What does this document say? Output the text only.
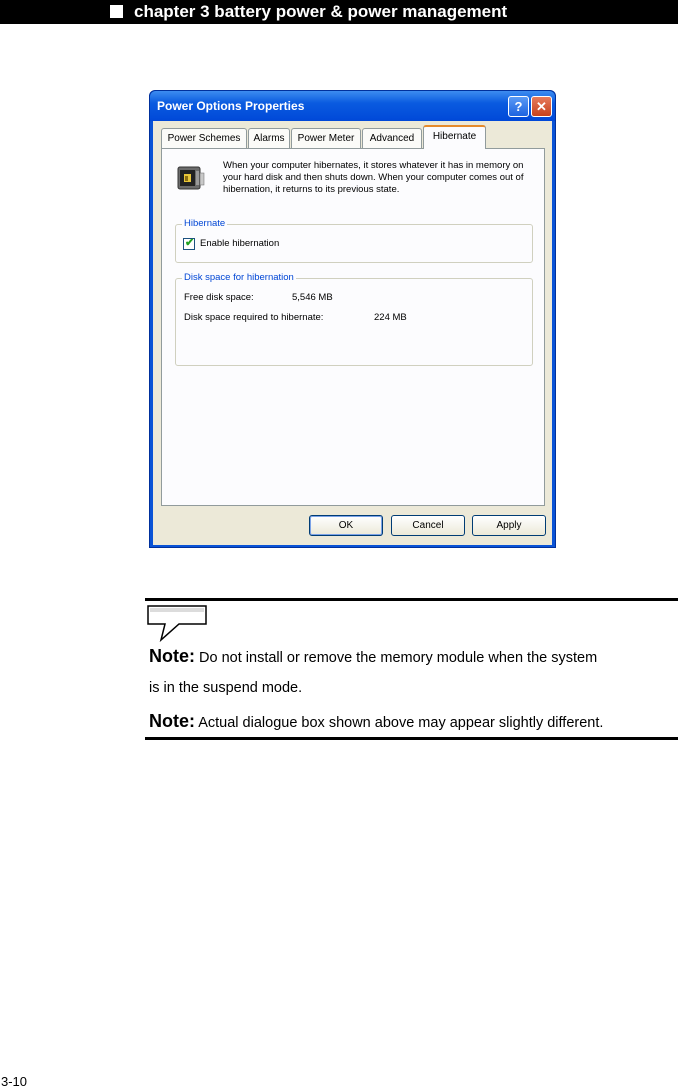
chapter 3 battery power & power management
Power Options Properties	?	✕
Power Schemes	Alarms	Power Meter	Advanced	Hibernate
When your computer hibernates, it stores whatever it has in memory on your hard disk and then shuts down. When your computer comes out of hibernation, it returns to its previous state.
Hibernate
✔ Enable hibernation
Disk space for hibernation
Free disk space:	5,546 MB
Disk space required to hibernate:	224 MB
OK	Cancel	Apply
Note: Do not install or remove the memory module when the system
is in the suspend mode.
Note: Actual dialogue box shown above may appear slightly different.
3-10
